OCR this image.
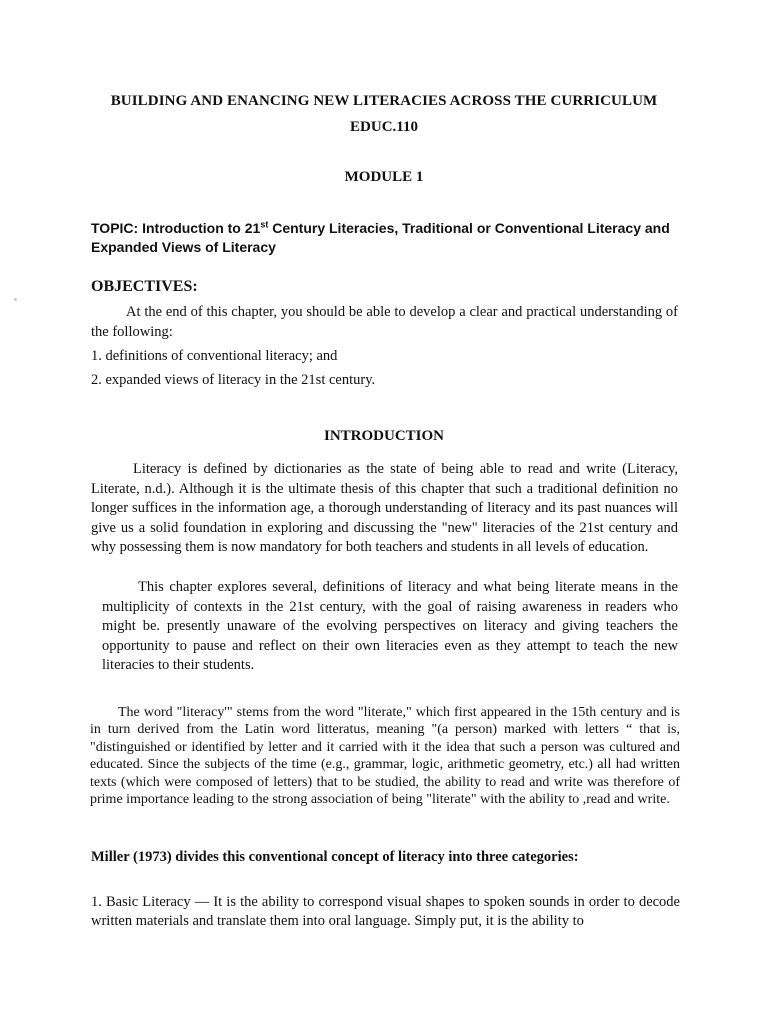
BUILDING AND ENANCING NEW LITERACIES ACROSS THE CURRICULUM

EDUC.110

MODULE 1

TOPIC: Introduction to 21st Century Literacies, Traditional or Conventional Literacy and Expanded Views of Literacy

OBJECTIVES:

At the end of this chapter, you should be able to develop a clear and practical understanding of the following:

1. definitions of conventional literacy; and

2. expanded views of literacy in the 21st century.

INTRODUCTION

Literacy is defined by dictionaries as the state of being able to read and write (Literacy, Literate, n.d.). Although it is the ultimate thesis of this chapter that such a traditional definition no longer suffices in the information age, a thorough understanding of literacy and its past nuances will give us a solid foundation in exploring and discussing the "new" literacies of the 21st century and why possessing them is now mandatory for both teachers and students in all levels of education.

This chapter explores several, definitions of literacy and what being literate means in the multiplicity of contexts in the 21st century, with the goal of raising awareness in readers who might be. presently unaware of the evolving perspectives on literacy and giving teachers the opportunity to pause and reflect on their own literacies even as they attempt to teach the new literacies to their students.

The word "literacy'" stems from the word "literate," which first appeared in the 15th century and is in turn derived from the Latin word litteratus, meaning "(a person) marked with letters “ that is, "distinguished or identified by letter and it carried with it the idea that such a person was cultured and educated. Since the subjects of the time (e.g., grammar, logic, arithmetic geometry, etc.) all had written texts (which were composed of letters) that to be studied, the ability to read and write was therefore of prime importance leading to the strong association of being "literate" with the ability to ,read and write.

Miller (1973) divides this conventional concept of literacy into three categories:

1. Basic Literacy — It is the ability to correspond visual shapes to spoken sounds in order to decode written materials and translate them into oral language. Simply put, it is the ability to
